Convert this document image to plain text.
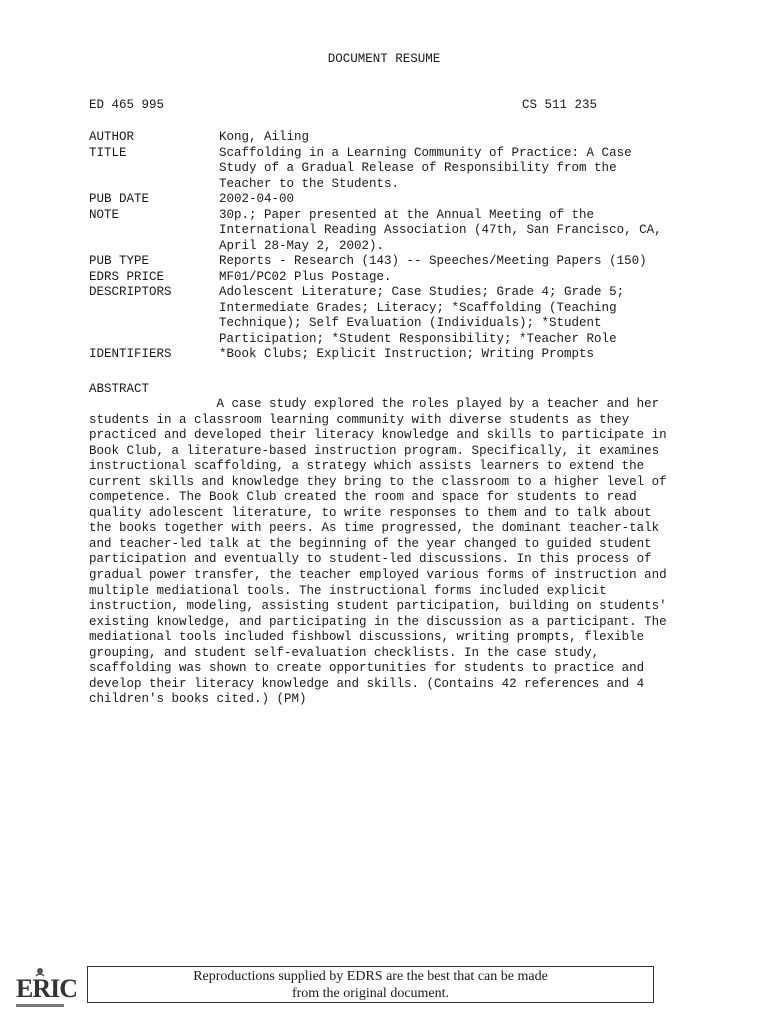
DOCUMENT RESUME
ED 465 995	CS 511 235
AUTHOR	Kong, Ailing
TITLE	Scaffolding in a Learning Community of Practice: A Case
Study of a Gradual Release of Responsibility from the
Teacher to the Students.
PUB DATE	2002-04-00
NOTE	30p.; Paper presented at the Annual Meeting of the
International Reading Association (47th, San Francisco, CA,
April 28-May 2, 2002).
PUB TYPE	Reports - Research (143) -- Speeches/Meeting Papers (150)
EDRS PRICE	MF01/PC02 Plus Postage.
DESCRIPTORS	Adolescent Literature; Case Studies; Grade 4; Grade 5;
Intermediate Grades; Literacy; *Scaffolding (Teaching
Technique); Self Evaluation (Individuals); *Student
Participation; *Student Responsibility; *Teacher Role
IDENTIFIERS	*Book Clubs; Explicit Instruction; Writing Prompts
ABSTRACT
A case study explored the roles played by a teacher and her
students in a classroom learning community with diverse students as they
practiced and developed their literacy knowledge and skills to participate in
Book Club, a literature-based instruction program. Specifically, it examines
instructional scaffolding, a strategy which assists learners to extend the
current skills and knowledge they bring to the classroom to a higher level of
competence. The Book Club created the room and space for students to read
quality adolescent literature, to write responses to them and to talk about
the books together with peers. As time progressed, the dominant teacher-talk
and teacher-led talk at the beginning of the year changed to guided student
participation and eventually to student-led discussions. In this process of
gradual power transfer, the teacher employed various forms of instruction and
multiple mediational tools. The instructional forms included explicit
instruction, modeling, assisting student participation, building on students'
existing knowledge, and participating in the discussion as a participant. The
mediational tools included fishbowl discussions, writing prompts, flexible
grouping, and student self-evaluation checklists. In the case study,
scaffolding was shown to create opportunities for students to practice and
develop their literacy knowledge and skills. (Contains 42 references and 4
children's books cited.) (PM)
ERIC	Reproductions supplied by EDRS are the best that can be made
from the original document.
